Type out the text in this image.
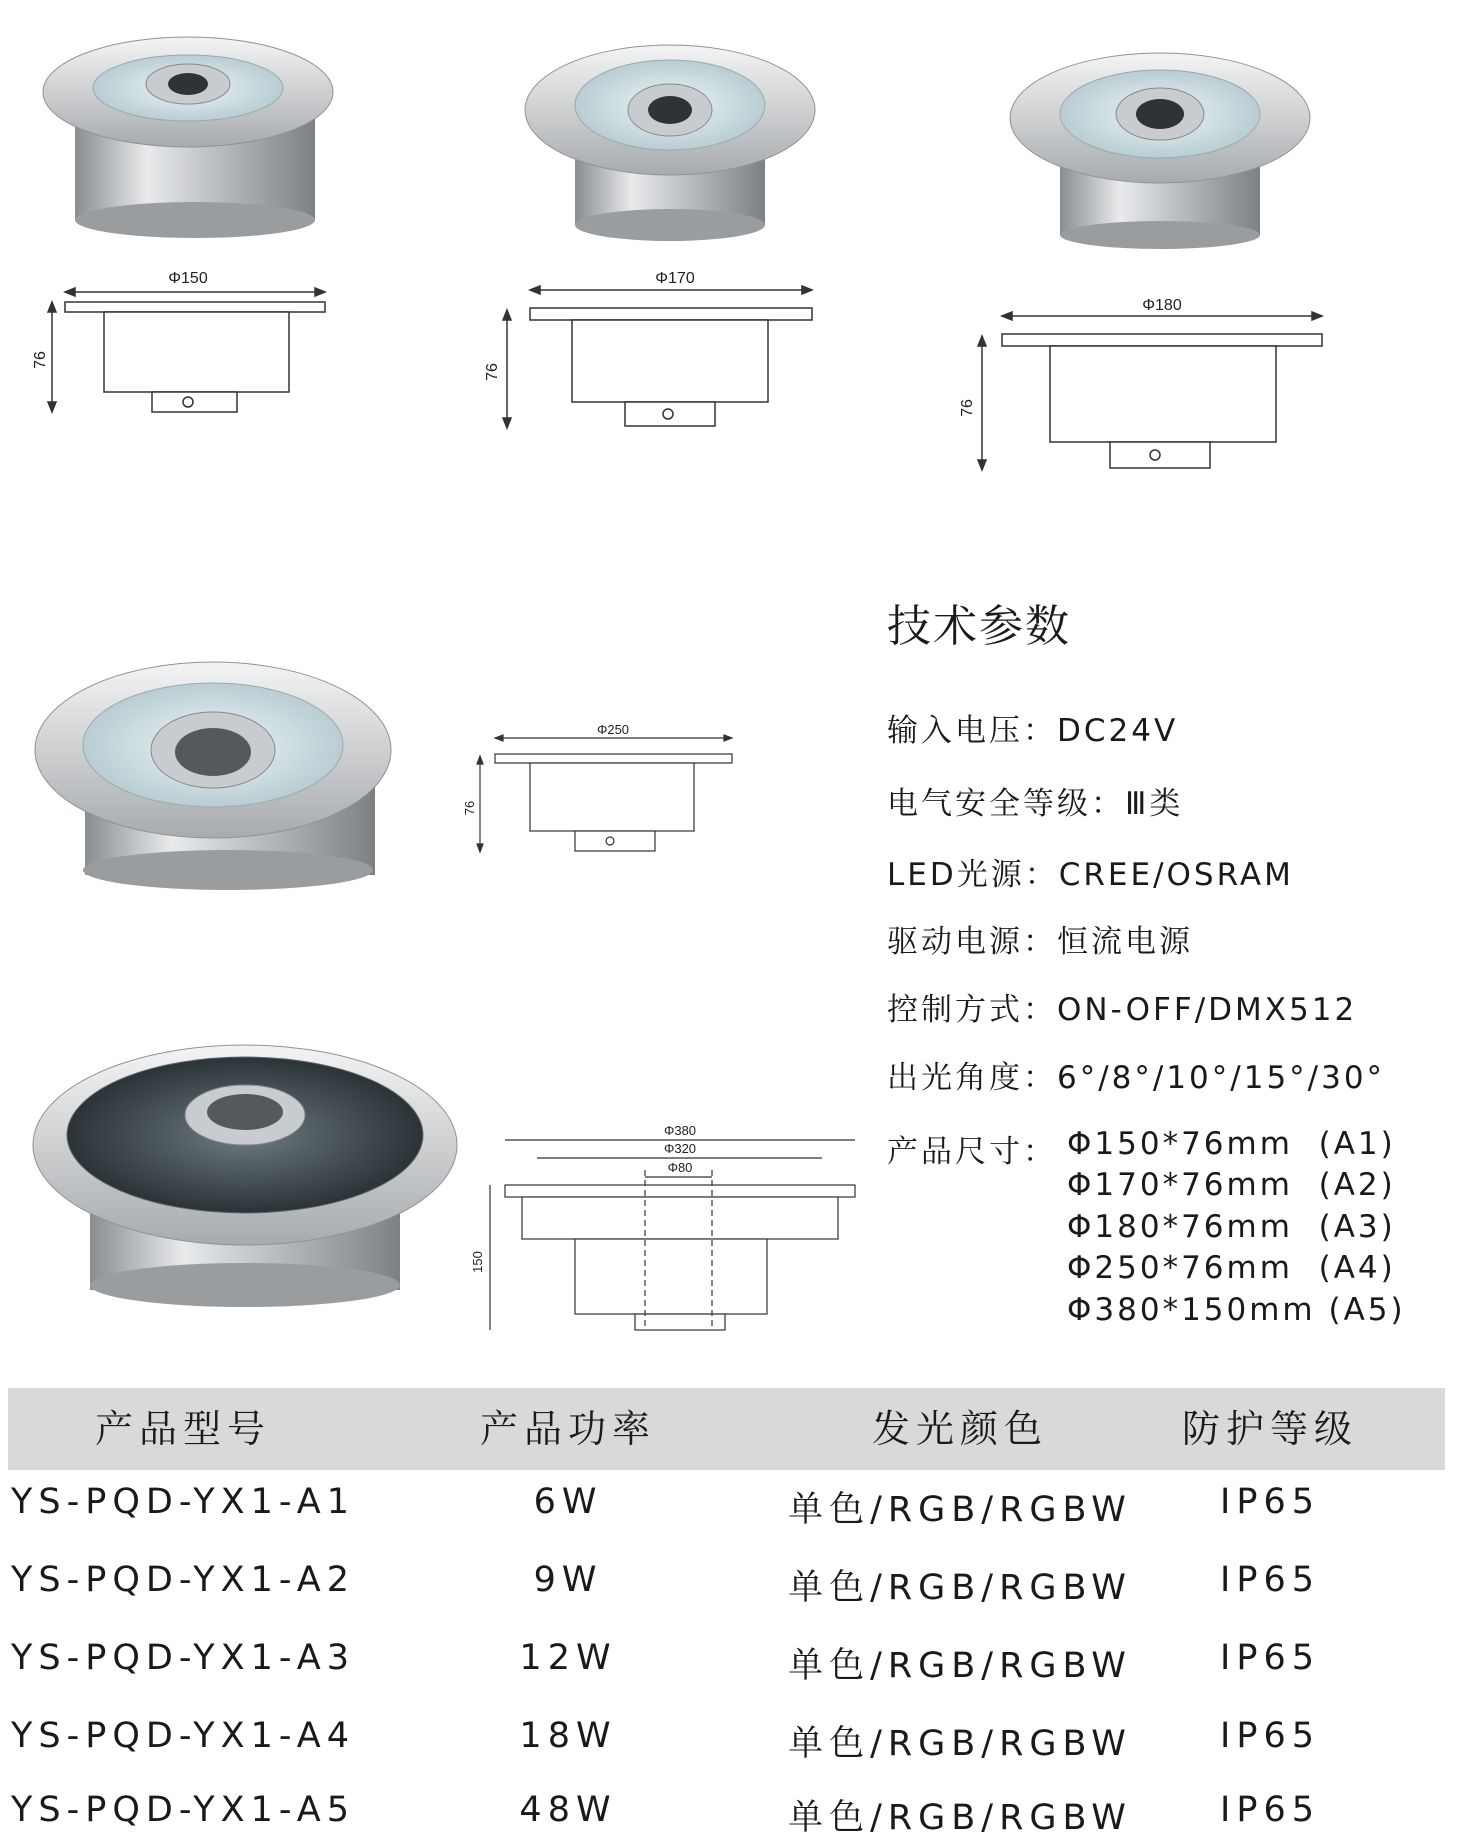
Φ150
76
Φ170
76
Φ180
76
Φ250
76
Φ380
Φ320
Φ80
150
技术参数
输入电压：DC24V
电气安全等级：Ⅲ类
LED光源：CREE/OSRAM
驱动电源：恒流电源
控制方式：ON-OFF/DMX512
出光角度：6°/8°/10°/15°/30°
产品尺寸： Φ150*76mm  (A1)
Φ170*76mm  (A2)
Φ180*76mm  (A3)
Φ250*76mm  (A4)
Φ380*150mm (A5)
产品型号	产品功率	发光颜色	防护等级
YS-PQD-YX1-A1	6W	单色/RGB/RGBW	IP65
YS-PQD-YX1-A2	9W	单色/RGB/RGBW	IP65
YS-PQD-YX1-A3	12W	单色/RGB/RGBW	IP65
YS-PQD-YX1-A4	18W	单色/RGB/RGBW	IP65
YS-PQD-YX1-A5	48W	单色/RGB/RGBW	IP65
